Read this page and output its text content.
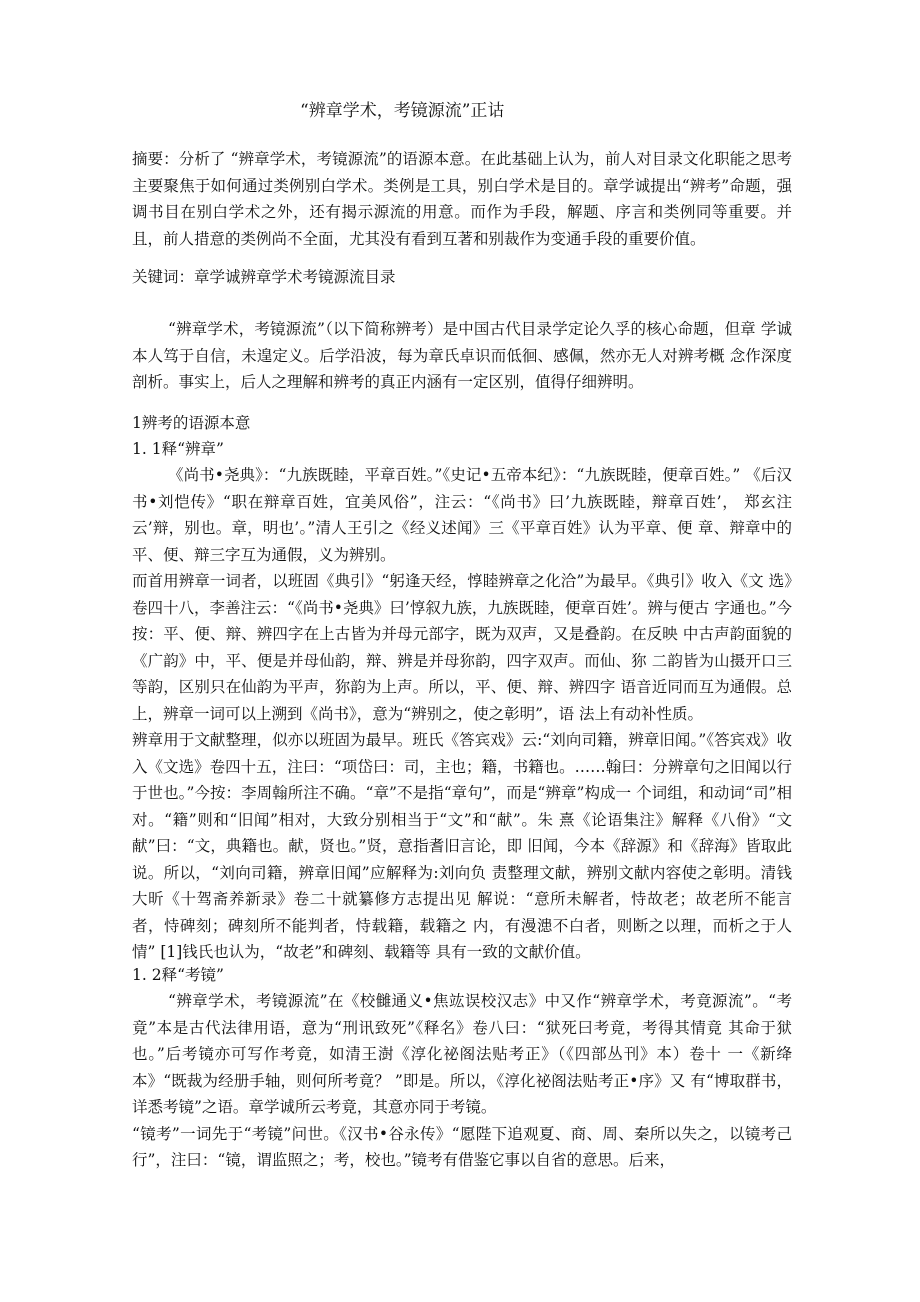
“辨章学术，考镜源流”正诂

摘要：分析了 “辨章学术，考镜源流”的语源本意。在此基础上认为，前人对目录文化职能之思考主要聚焦于如何通过类例别白学术。类例是工具，别白学术是目的。章学诚提出“辨考”命题，强调书目在别白学术之外，还有揭示源流的用意。而作为手段，解题、序言和类例同等重要。并且，前人措意的类例尚不全面，尤其没有看到互著和别裁作为变通手段的重要价值。

关键词：章学诚辨章学术考镜源流目录

“辨章学术，考镜源流”（以下简称辨考）是中国古代目录学定论久孚的核心命题，但章 学诚本人笃于自信，未遑定义。后学沿波，每为章氏卓识而低徊、感佩，然亦无人对辨考概 念作深度剖析。事实上，后人之理解和辨考的真正内涵有一定区别，值得仔细辨明。

1辨考的语源本意
1. 1释“辨章”

《尚书•尧典》：“九族既睦，平章百姓。”《史记•五帝本纪》：“九族既睦，便章百姓。” 《后汉书•刘恺传》“职在辩章百姓，宜美风俗”，注云：“《尚书》曰’九族既睦，辩章百姓’， 郑玄注云’辩，别也。章，明也’。”清人王引之《经义述闻》三《平章百姓》认为平章、便 章、辩章中的平、便、辩三字互为通假，义为辨别。

而首用辨章一词者，以班固《典引》“躬逢天经，惇睦辨章之化洽”为最早。《典引》收入《文 选》卷四十八，李善注云：“《尚书•尧典》曰’惇叙九族，九族既睦，便章百姓’。辨与便古 字通也。”今按：平、便、辩、辨四字在上古皆为并母元部字，既为双声，又是叠韵。在反映 中古声韵面貌的《广韵》中，平、便是并母仙韵，辩、辨是并母狝韵，四字双声。而仙、狝 二韵皆为山摄开口三等韵，区别只在仙韵为平声，狝韵为上声。所以，平、便、辩、辨四字 语音近同而互为通假。总上，辨章一词可以上溯到《尚书》，意为“辨别之，使之彰明”，语 法上有动补性质。

辨章用于文献整理，似亦以班固为最早。班氏《答宾戏》云:“刘向司籍，辨章旧闻。”《答宾戏》收入《文选》卷四十五，注曰：“项岱曰：司，主也；籍，书籍也。……翰曰：分辨章句之旧闻以行于世也。”今按：李周翰所注不确。“章”不是指“章句”，而是“辨章”构成一 个词组，和动词“司”相对。“籍”则和“旧闻”相对，大致分别相当于“文”和“献”。朱 熹《论语集注》解释《八佾》“文献”曰：“文，典籍也。献，贤也。”贤，意指耆旧言论，即 旧闻，今本《辞源》和《辞海》皆取此说。所以，“刘向司籍，辨章旧闻”应解释为:刘向负 责整理文献，辨别文献内容使之彰明。清钱大昕《十驾斋养新录》卷二十就纂修方志提出见 解说：“意所未解者，恃故老；故老所不能言者，恃碑刻；碑刻所不能判者，恃载籍，载籍之 内，有漫漶不白者，则断之以理，而析之于人情” [1]钱氏也认为，“故老”和碑刻、载籍等 具有一致的文献价值。

1. 2释“考镜”

“辨章学术，考镜源流”在《校雠通义•焦竑误校汉志》中又作“辨章学术，考竟源流”。“考竟”本是古代法律用语，意为“刑讯致死”《释名》卷八曰：“狱死曰考竟，考得其情竟 其命于狱也。”后考镜亦可写作考竟，如清王澍《淳化祕阁法贴考正》（《四部丛刊》本）卷十 一《新绛本》“既裁为经册手轴，则何所考竟？ ”即是。所以，《淳化祕阁法贴考正•序》又 有“博取群书，详悉考镜”之语。章学诚所云考竟，其意亦同于考镜。

“镜考”一词先于“考镜”问世。《汉书•谷永传》“愿陛下追观夏、商、周、秦所以失之，以镜考己行”，注曰：“镜，谓监照之；考，校也。”镜考有借鉴它事以自省的意思。后来，
